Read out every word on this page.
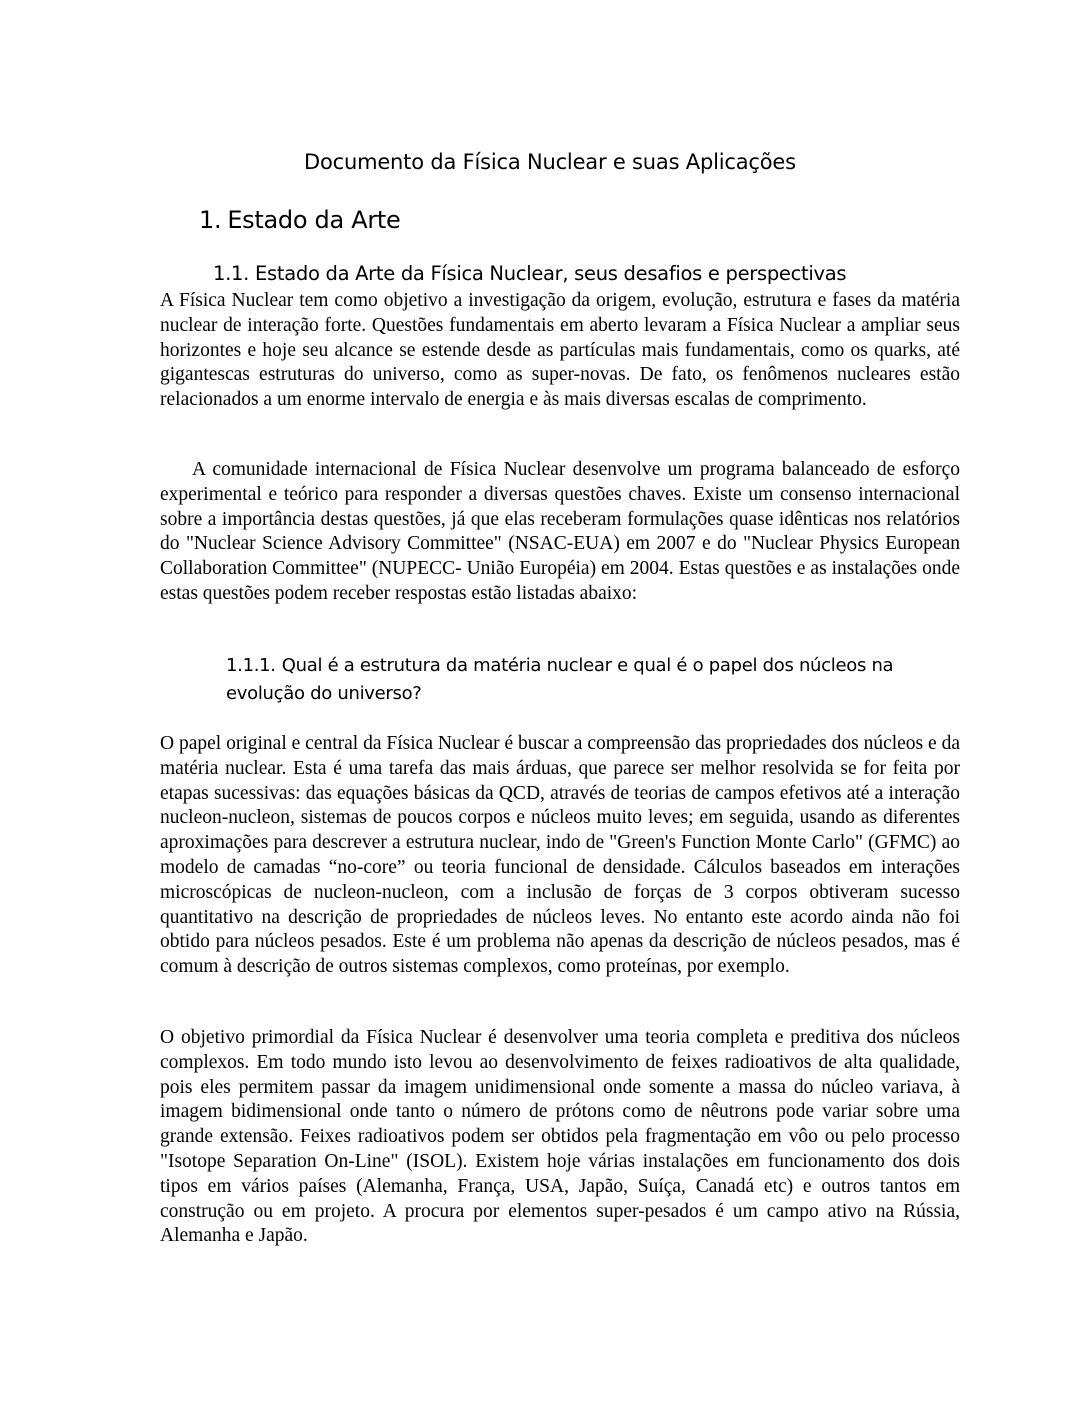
Documento da Física Nuclear e suas Aplicações
1. Estado da Arte
1.1. Estado da Arte da Física Nuclear, seus desafios e perspectivas

A Física Nuclear tem como objetivo a investigação da origem, evolução, estrutura e fases da matéria nuclear de interação forte. Questões fundamentais em aberto levaram a Física Nuclear a ampliar seus horizontes e hoje seu alcance se estende desde as partículas mais fundamentais, como os quarks, até gigantescas estruturas do universo, como as super-novas. De fato, os fenômenos nucleares estão relacionados a um enorme intervalo de energia e às mais diversas escalas de comprimento.

A comunidade internacional de Física Nuclear desenvolve um programa balanceado de esforço experimental e teórico para responder a diversas questões chaves. Existe um consenso internacional sobre a importância destas questões, já que elas receberam formulações quase idênticas nos relatórios do "Nuclear Science Advisory Committee" (NSAC-EUA) em 2007 e do "Nuclear Physics European Collaboration Committee" (NUPECC- União Européia) em 2004. Estas questões e as instalações onde estas questões podem receber respostas estão listadas abaixo:

1.1.1. Qual é a estrutura da matéria nuclear e qual é o papel dos núcleos na evolução do universo?

O papel original e central da Física Nuclear é buscar a compreensão das propriedades dos núcleos e da matéria nuclear. Esta é uma tarefa das mais árduas, que parece ser melhor resolvida se for feita por etapas sucessivas: das equações básicas da QCD, através de teorias de campos efetivos até a interação nucleon-nucleon, sistemas de poucos corpos e núcleos muito leves; em seguida, usando as diferentes aproximações para descrever a estrutura nuclear, indo de "Green's Function Monte Carlo" (GFMC) ao modelo de camadas “no-core” ou teoria funcional de densidade. Cálculos baseados em interações microscópicas de nucleon-nucleon, com a inclusão de forças de 3 corpos obtiveram sucesso quantitativo na descrição de propriedades de núcleos leves. No entanto este acordo ainda não foi obtido para núcleos pesados. Este é um problema não apenas da descrição de núcleos pesados, mas é comum à descrição de outros sistemas complexos, como proteínas, por exemplo.

O objetivo primordial da Física Nuclear é desenvolver uma teoria completa e preditiva dos núcleos complexos. Em todo mundo isto levou ao desenvolvimento de feixes radioativos de alta qualidade, pois eles permitem passar da imagem unidimensional onde somente a massa do núcleo variava, à imagem bidimensional onde tanto o número de prótons como de nêutrons pode variar sobre uma grande extensão. Feixes radioativos podem ser obtidos pela fragmentação em vôo ou pelo processo "Isotope Separation On-Line" (ISOL). Existem hoje várias instalações em funcionamento dos dois tipos em vários países (Alemanha, França, USA, Japão, Suíça, Canadá etc) e outros tantos em construção ou em projeto. A procura por elementos super-pesados é um campo ativo na Rússia, Alemanha e Japão.
